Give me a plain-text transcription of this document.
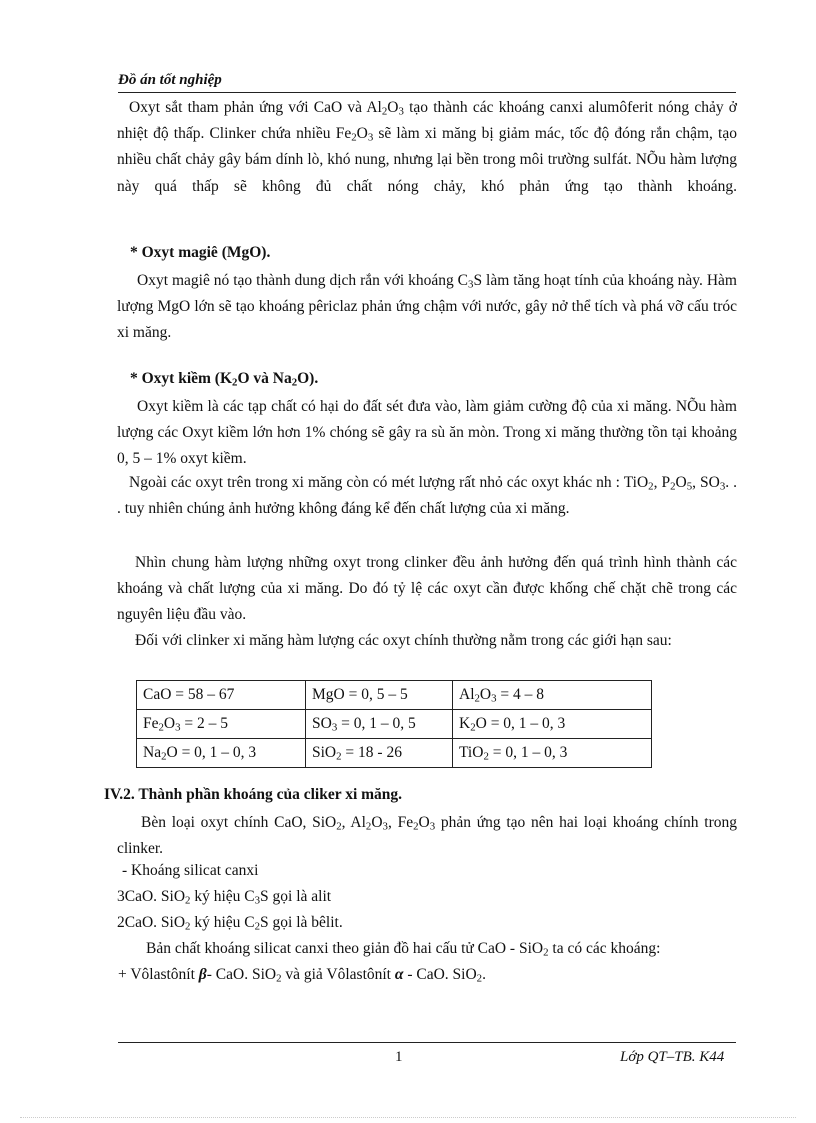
Đồ án tốt nghiệp
Oxyt sắt tham phản ứng với CaO và $Al_2O_3$ tạo thành các khoáng canxi alumôferit nóng chảy ở nhiệt độ thấp. Clinker chứa nhiều $Fe_2O_3$ sẽ làm xi măng bị giảm mác, tốc độ đóng rắn chậm, tạo nhiều chất chảy gây bám dính lò, khó nung, nhưng lại bền trong môi trường sulfát. NÕu hàm lượng này quá thấp sẽ không đủ chất nóng chảy, khó phản ứng tạo thành khoáng.
* Oxyt magiê (MgO).
Oxyt magiê nó tạo thành dung dịch rắn với khoáng $C_3S$ làm tăng hoạt tính của khoáng này. Hàm lượng MgO lớn sẽ tạo khoáng pêriclaz phản ứng chậm với nước, gây nở thể tích và phá vỡ cấu tróc xi măng.
* Oxyt kiềm ($K_2O$ và $Na_2O$).
Oxyt kiềm là các tạp chất có hại do đất sét đưa vào, làm giảm cường độ của xi măng. NÕu hàm lượng các Oxyt kiềm lớn hơn 1% chóng sẽ gây ra sù ăn mòn. Trong xi măng thường tồn tại khoảng 0, 5 – 1% oxyt kiềm.
Ngoài các oxyt trên trong xi măng còn có mét lượng rất nhỏ các oxyt khác nh : TiO$_2$, $P_2O_5$, $SO_3$. . . tuy nhiên chúng ảnh hưởng không đáng kể đến chất lượng của xi măng.
Nhìn chung hàm lượng những oxyt trong clinker đều ảnh hưởng đến quá trình hình thành các khoáng và chất lượng của xi măng. Do đó tỷ lệ các oxyt cần được khống chế chặt chẽ trong các nguyên liệu đầu vào.
Đối với clinker xi măng hàm lượng các oxyt chính thường nằm trong các giới hạn sau:
CaO = 58 – 67	MgO = 0, 5 – 5	$Al_2O_3 = 4 - 8$
$Fe_2O_3 = 2 - 5$	$SO_3 = 0$, 1 – 0, 5	$K_2O = 0$, 1 – 0, 3
$Na_2O = 0$, 1 – 0, 3	SiO$_2$ = 18 - 26	TiO$_2$ = 0, 1 – 0, 3
IV.2. Thành phần khoáng của cliker xi măng.
Bèn loại oxyt chính CaO, SiO$_2$, $Al_2O_3$, $Fe_2O_3$ phản ứng tạo nên hai loại khoáng chính trong clinker.
- Khoáng silicat canxi
3CaO. SiO$_2$ ký hiệu $C_3S$ gọi là alit
2CaO. SiO$_2$ ký hiệu $C_2S$ gọi là bêlit.
Bản chất khoáng silicat canxi theo giản đồ hai cấu tử CaO - SiO$_2$ ta có các khoáng:
+ Vôlastônít β- CaO. SiO$_2$ và giả Vôlastônít α - CaO. SiO$_2$.
1	Lớp QT–TB. K44
